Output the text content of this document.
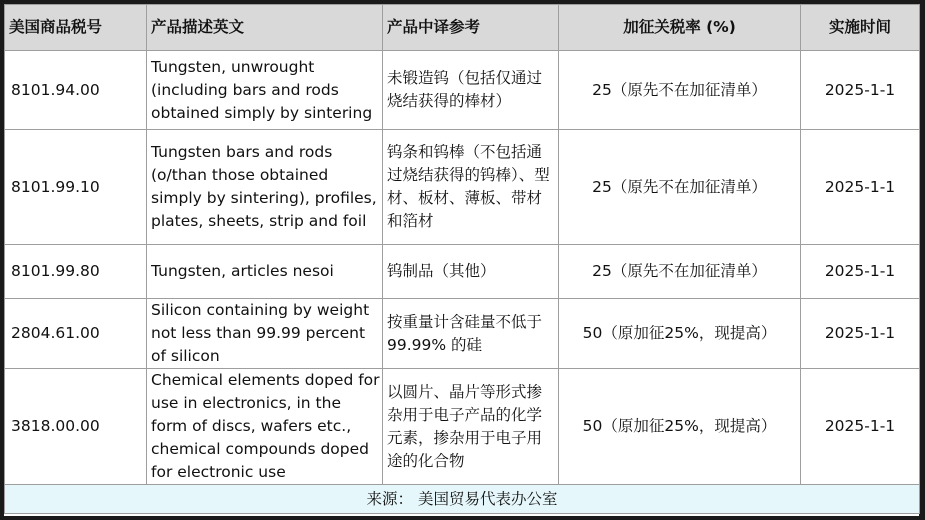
美国商品税号	产品描述英文	产品中译参考	加征关税率 (%)	实施时间
8101.94.00	Tungsten, unwrought (including bars and rods obtained simply by sintering	未锻造钨（包括仅通过烧结获得的棒材）	25（原先不在加征清单）	2025-1-1
8101.99.10	Tungsten bars and rods (o/than those obtained simply by sintering), profiles, plates, sheets, strip and foil	钨条和钨棒（不包括通过烧结获得的钨棒）、型材、板材、薄板、带材和箔材	25（原先不在加征清单）	2025-1-1
8101.99.80	Tungsten, articles nesoi	钨制品（其他）	25（原先不在加征清单）	2025-1-1
2804.61.00	Silicon containing by weight not less than 99.99 percent of silicon	按重量计含硅量不低于 99.99% 的硅	50（原加征25%，现提高）	2025-1-1
3818.00.00	Chemical elements doped for use in electronics, in the form of discs, wafers etc., chemical compounds doped for electronic use	以圆片、晶片等形式掺杂用于电子产品的化学元素，掺杂用于电子用途的化合物	50（原加征25%，现提高）	2025-1-1
来源： 美国贸易代表办公室				
